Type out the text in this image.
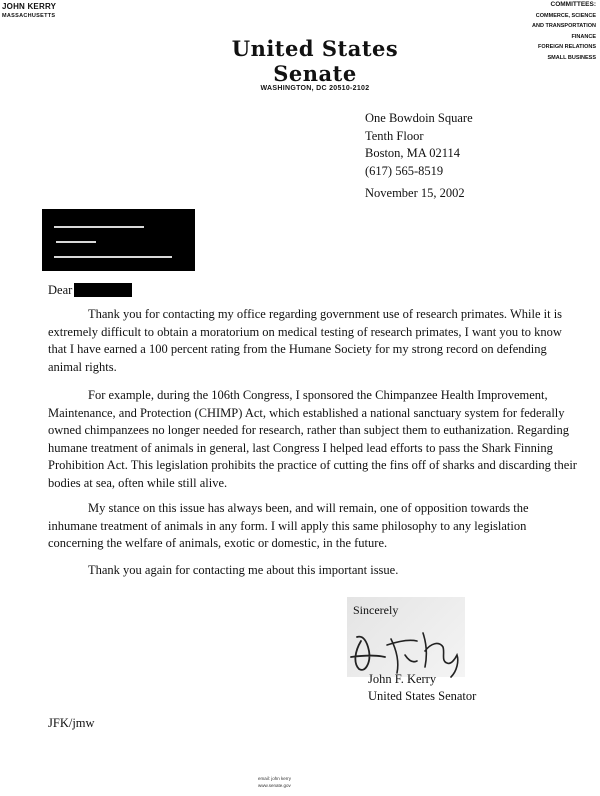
JOHN KERRY
MASSACHUSETTS
COMMITTEES:
COMMERCE, SCIENCE
AND TRANSPORTATION
FINANCE
FOREIGN RELATIONS
SMALL BUSINESS
United States Senate
WASHINGTON, DC 20510-2102
One Bowdoin Square
Tenth Floor
Boston, MA 02114
(617) 565-8519
November 15, 2002
Dear

Thank you for contacting my office regarding government use of research primates. While it is extremely difficult to obtain a moratorium on medical testing of research primates, I want you to know that I have earned a 100 percent rating from the Humane Society for my strong record on defending animal rights.

For example, during the 106th Congress, I sponsored the Chimpanzee Health Improvement, Maintenance, and Protection (CHIMP) Act, which established a national sanctuary system for federally owned chimpanzees no longer needed for research, rather than subject them to euthanization. Regarding humane treatment of animals in general, last Congress I helped lead efforts to pass the Shark Finning Prohibition Act. This legislation prohibits the practice of cutting the fins off of sharks and discarding their bodies at sea, often while still alive.

My stance on this issue has always been, and will remain, one of opposition towards the inhumane treatment of animals in any form. I will apply this same philosophy to any legislation concerning the welfare of animals, exotic or domestic, in the future.

Thank you again for contacting me about this important issue.

Sincerely
John F. Kerry
United States Senator
JFK/jmw
email: john kerry
www.senate.gov
